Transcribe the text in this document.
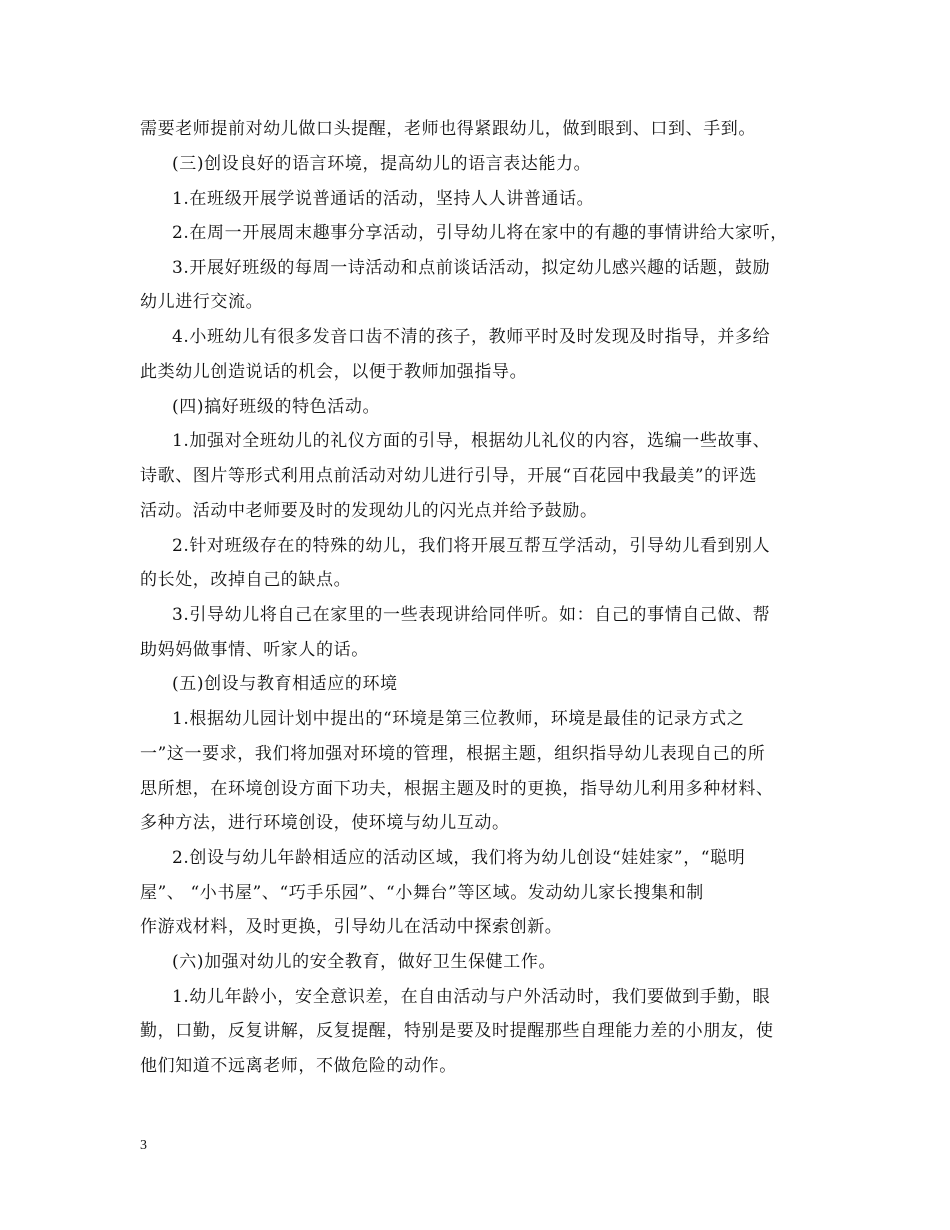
需要老师提前对幼儿做口头提醒，老师也得紧跟幼儿，做到眼到、口到、手到。
(三)创设良好的语言环境，提高幼儿的语言表达能力。
1.在班级开展学说普通话的活动，坚持人人讲普通话。
2.在周一开展周末趣事分享活动，引导幼儿将在家中的有趣的事情讲给大家听，
3.开展好班级的每周一诗活动和点前谈话活动，拟定幼儿感兴趣的话题，鼓励
幼儿进行交流。
4.小班幼儿有很多发音口齿不清的孩子，教师平时及时发现及时指导，并多给
此类幼儿创造说话的机会，以便于教师加强指导。
(四)搞好班级的特色活动。
1.加强对全班幼儿的礼仪方面的引导，根据幼儿礼仪的内容，选编一些故事、
诗歌、图片等形式利用点前活动对幼儿进行引导，开展“百花园中我最美”的评选
活动。活动中老师要及时的发现幼儿的闪光点并给予鼓励。
2.针对班级存在的特殊的幼儿，我们将开展互帮互学活动，引导幼儿看到别人
的长处，改掉自己的缺点。
3.引导幼儿将自己在家里的一些表现讲给同伴听。如：自己的事情自己做、帮
助妈妈做事情、听家人的话。
(五)创设与教育相适应的环境
1.根据幼儿园计划中提出的“环境是第三位教师，环境是最佳的记录方式之
一”这一要求，我们将加强对环境的管理，根据主题，组织指导幼儿表现自己的所
思所想，在环境创设方面下功夫，根据主题及时的更换，指导幼儿利用多种材料、
多种方法，进行环境创设，使环境与幼儿互动。
2.创设与幼儿年龄相适应的活动区域，我们将为幼儿创设“娃娃家”，“聪明
屋”、 “小书屋”、“巧手乐园”、“小舞台”等区域。发动幼儿家长搜集和制
作游戏材料，及时更换，引导幼儿在活动中探索创新。
(六)加强对幼儿的安全教育，做好卫生保健工作。
1.幼儿年龄小，安全意识差，在自由活动与户外活动时，我们要做到手勤，眼
勤，口勤，反复讲解，反复提醒，特别是要及时提醒那些自理能力差的小朋友，使
他们知道不远离老师，不做危险的动作。
3
